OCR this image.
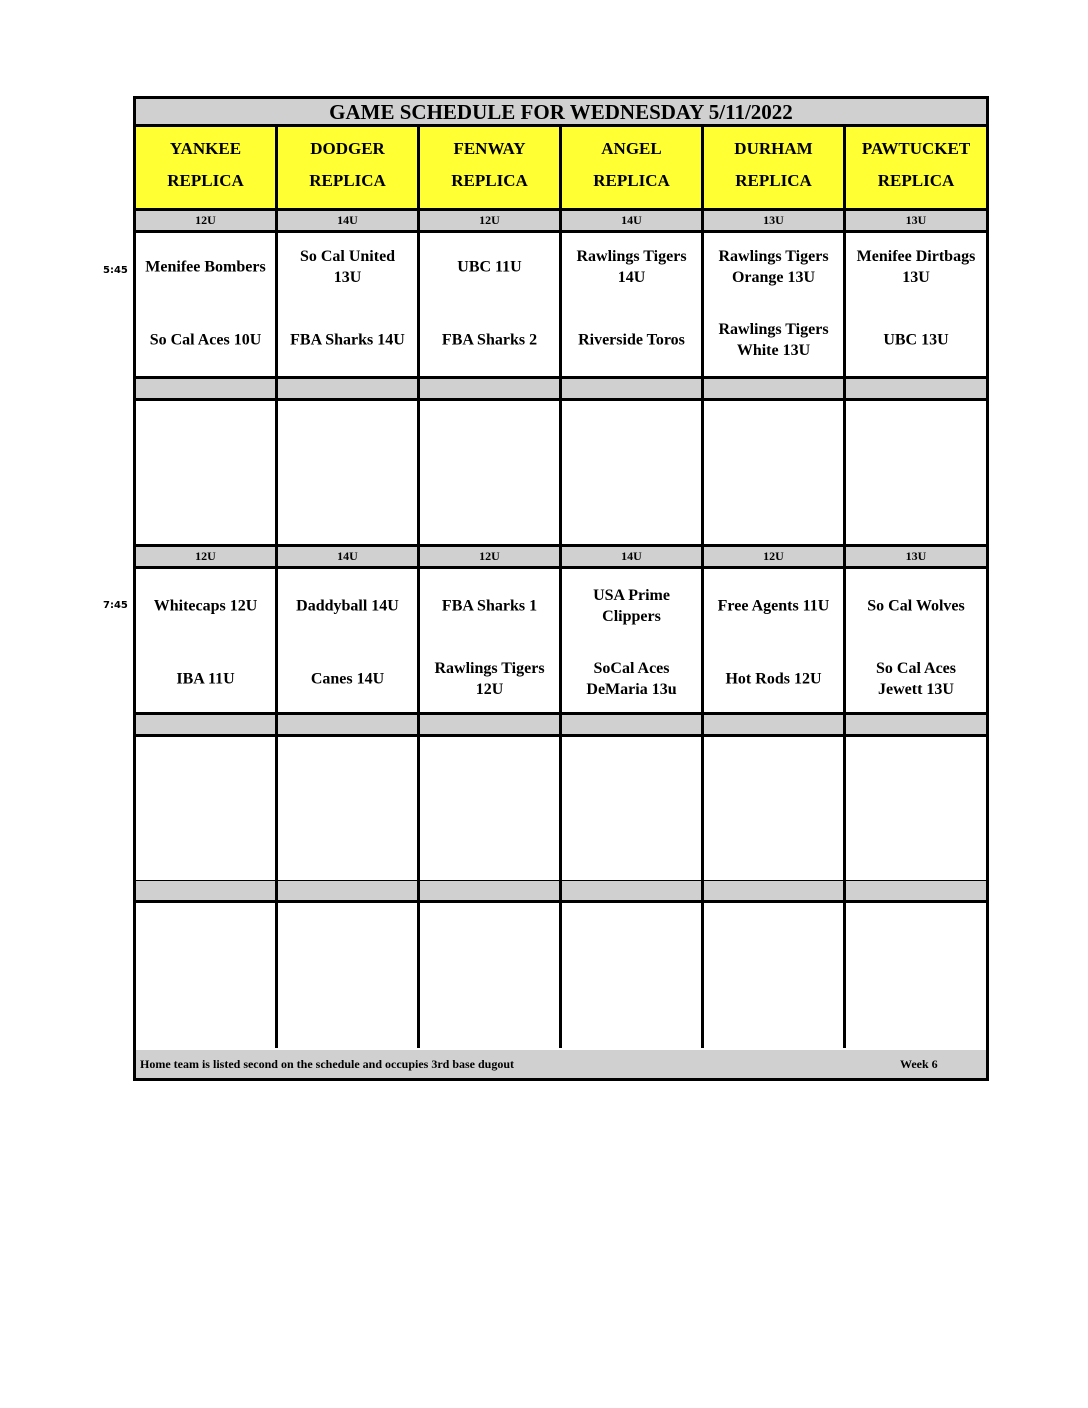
5:45
7:45
GAME SCHEDULE FOR WEDNESDAY 5/11/2022
YANKEE
REPLICA
12U
Menifee Bombers
So Cal Aces 10U
12U
Whitecaps 12U
IBA 11U
DODGER
REPLICA
14U
So Cal United
13U
FBA Sharks 14U
14U
Daddyball 14U
Canes 14U
FENWAY
REPLICA
12U
UBC 11U
FBA Sharks 2
12U
FBA Sharks 1
Rawlings Tigers
12U
ANGEL
REPLICA
14U
Rawlings Tigers
14U
Riverside Toros
14U
USA Prime
Clippers
SoCal Aces
DeMaria 13u
DURHAM
REPLICA
13U
Rawlings Tigers
Orange 13U
Rawlings Tigers
White 13U
12U
Free Agents 11U
Hot Rods 12U
PAWTUCKET
REPLICA
13U
Menifee Dirtbags
13U
UBC 13U
13U
So Cal Wolves
So Cal Aces
Jewett 13U
Home team is listed second on the schedule and occupies 3rd base dugout	Week 6
